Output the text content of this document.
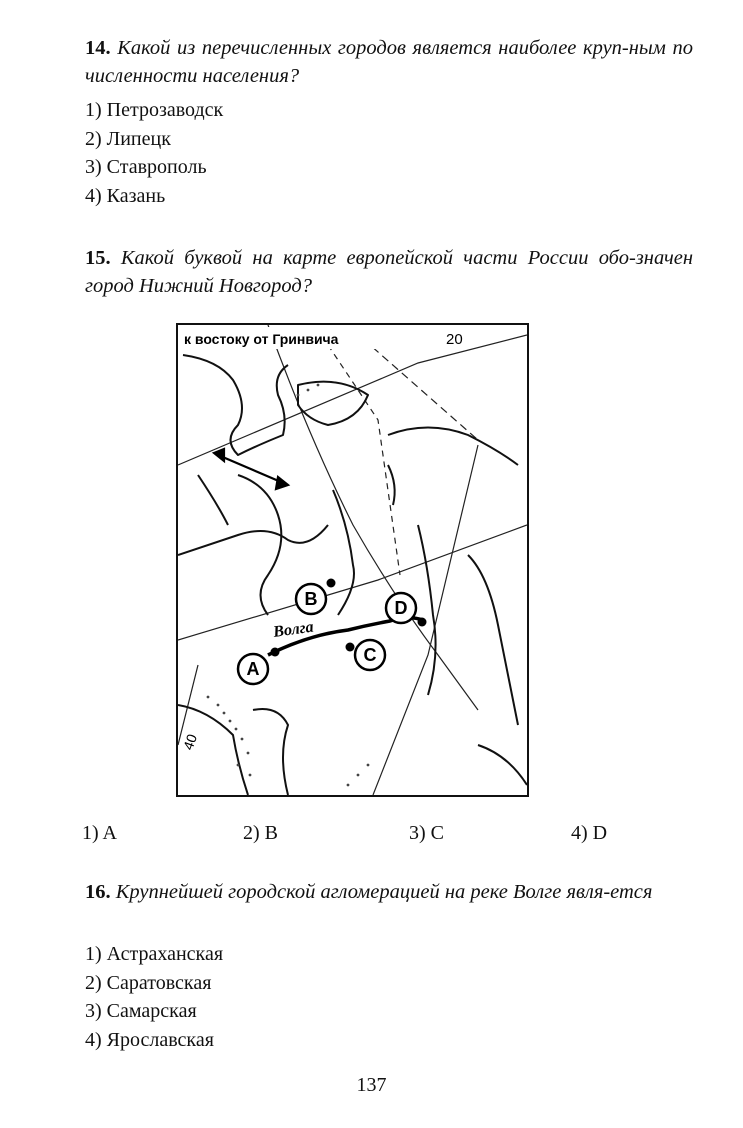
14. Какой из перечисленных городов является наиболее круп-ным по численности населения?
1) Петрозаводск
2) Липецк
3) Ставрополь
4) Казань
15. Какой буквой на карте европейской части России обо-значен город Нижний Новгород?
A
B
C
D
к востоку от Гринвича	20
40
Волга
1) A	2) B	3) C	4) D
16. Крупнейшей городской агломерацией на реке Волге явля-ется
1) Астраханская
2) Саратовская
3) Самарская
4) Ярославская
137
